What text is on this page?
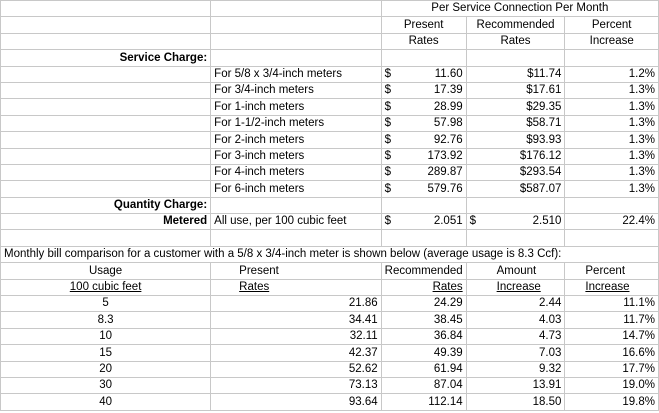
		Per Service Connection Per Month		
		Present	Recommended	Percent
		Rates	Rates	Increase
Service Charge:				
	For 5/8 x 3/4-inch meters	$ 11.60	$11.74	1.2%
	For 3/4-inch meters	$ 17.39	$17.61	1.3%
	For 1-inch meters	$ 28.99	$29.35	1.3%
	For 1-1/2-inch meters	$ 57.98	$58.71	1.3%
	For 2-inch meters	$ 92.76	$93.93	1.3%
	For 3-inch meters	$ 173.92	$176.12	1.3%
	For 4-inch meters	$ 289.87	$293.54	1.3%
	For 6-inch meters	$ 579.76	$587.07	1.3%
Quantity Charge:				
Metered	All use, per 100 cubic feet	$ 2.051	$ 2.510	22.4%

Monthly bill comparison for a customer with a 5/8 x 3/4-inch meter is shown below (average usage is 8.3 Ccf):				
Usage	Present	Recommended	Amount	Percent
100 cubic feet	Rates	Rates	Increase	Increase
5	21.86	24.29	2.44	11.1%
8.3	34.41	38.45	4.03	11.7%
10	32.11	36.84	4.73	14.7%
15	42.37	49.39	7.03	16.6%
20	52.62	61.94	9.32	17.7%
30	73.13	87.04	13.91	19.0%
40	93.64	112.14	18.50	19.8%
